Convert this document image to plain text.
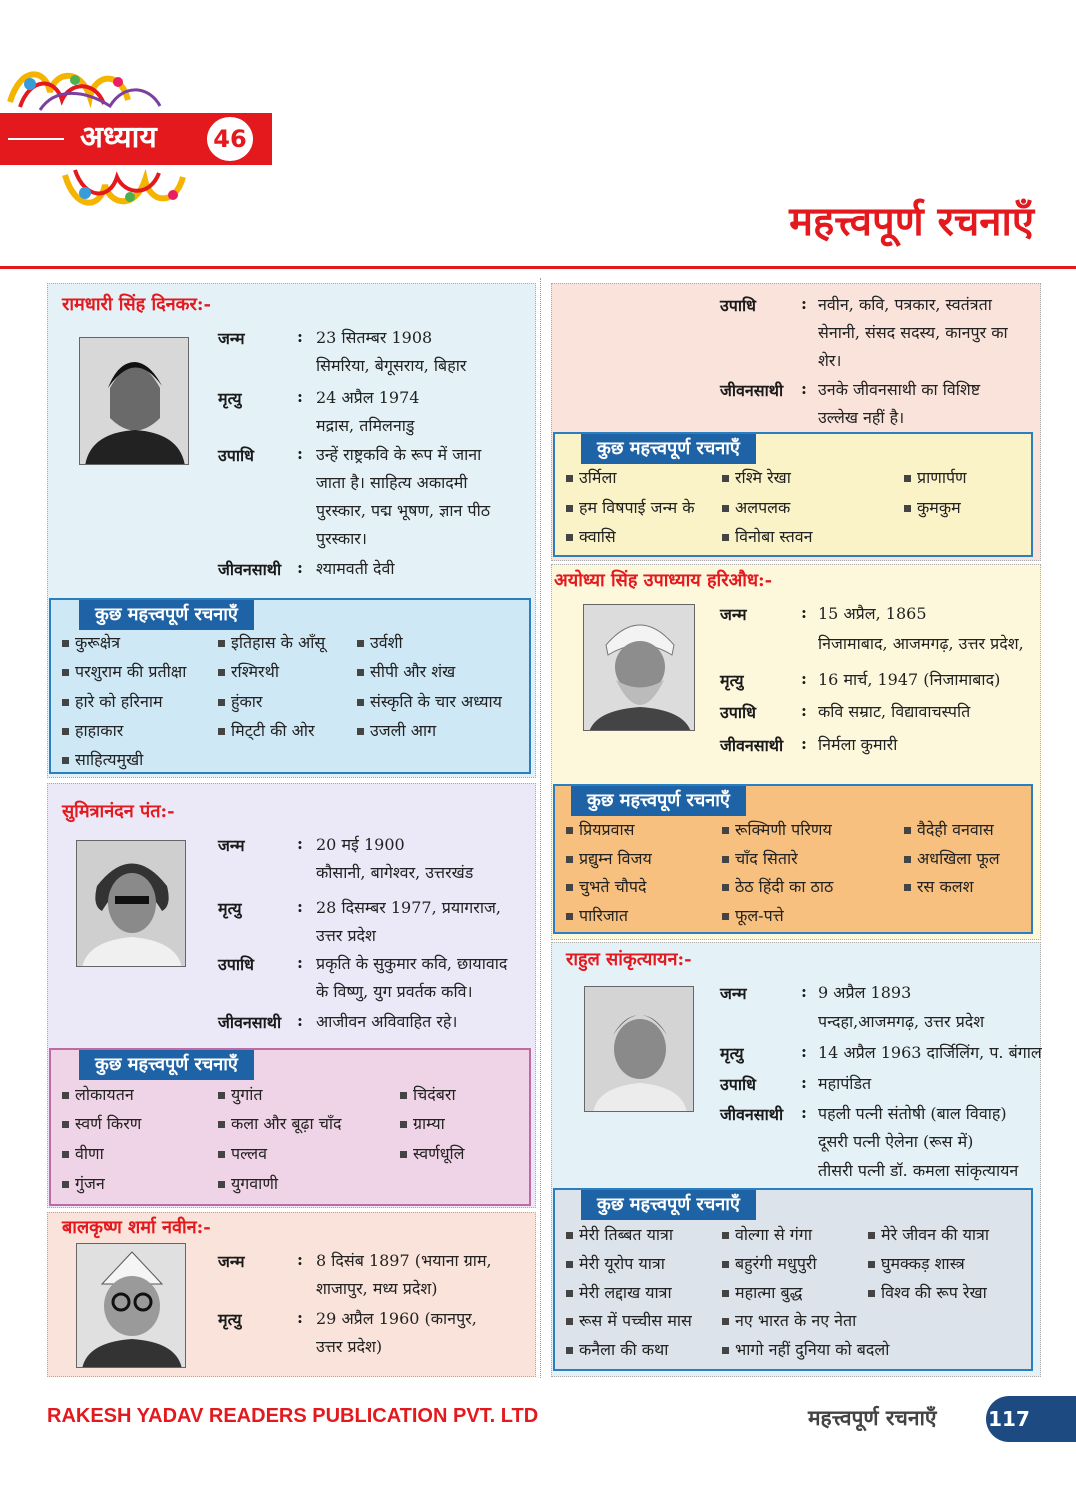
अध्याय 46
महत्त्वपूर्ण रचनाएँ
रामधारी सिंह दिनकर:-
जन्म	: 23 सितम्बर 1908
सिमरिया, बेगूसराय, बिहार
मृत्यु	: 24 अप्रैल 1974
मद्रास, तमिलनाडु
उपाधि	: उन्हें राष्ट्रकवि के रूप में जाना
जाता है। साहित्य अकादमी
पुरस्कार, पद्म भूषण, ज्ञान पीठ
पुरस्कार।
जीवनसाथी : श्यामवती देवी
कुछ महत्त्वपूर्ण रचनाएँ
कुरूक्षेत्र	इतिहास के आँसू	उर्वशी
परशुराम की प्रतीक्षा	रश्मिरथी	सीपी और शंख
हारे को हरिनाम	हुंकार	संस्कृति के चार अध्याय
हाहाकार	मिट्‌टी की ओर	उजली आग
साहित्यमुखी
सुमित्रानंदन पंत:-
जन्म	: 20 मई 1900
कौसानी, बागेश्वर, उत्तरखंड
मृत्यु	: 28 दिसम्बर 1977, प्रयागराज,
उत्तर प्रदेश
उपाधि	: प्रकृति के सुकुमार कवि, छायावाद
के विष्णु, युग प्रवर्तक कवि।
जीवनसाथी : आजीवन अविवाहित रहे।
कुछ महत्त्वपूर्ण रचनाएँ
लोकायतन	युगांत	चिदंबरा
स्वर्ण किरण	कला और बूढ़ा चाँद	ग्राम्या
वीणा	पल्लव	स्वर्णधूलि
गुंजन	युगवाणी
बालकृष्ण शर्मा नवीन:-
जन्म	: 8 दिसंब 1897 (भयाना ग्राम,
शाजापुर, मध्य प्रदेश)
मृत्यु	: 29 अप्रैल 1960 (कानपुर,
उत्तर प्रदेश)
उपाधि	: नवीन, कवि, पत्रकार, स्वतंत्रता
सेनानी, संसद सदस्य, कानपुर का
शेर।
जीवनसाथी : उनके जीवनसाथी का विशिष्ट
उल्लेख नहीं है।
कुछ महत्त्वपूर्ण रचनाएँ
उर्मिला	रश्मि रेखा	प्राणार्पण
हम विषपाई जन्म के	अलपलक	कुमकुम
क्वासि	विनोबा स्तवन
अयोध्या सिंह उपाध्याय हरिऔध:-
जन्म	: 15 अप्रैल, 1865
निजामाबाद, आजमगढ़, उत्तर प्रदेश,
मृत्यु	: 16 मार्च, 1947 (निजामाबाद)
उपाधि	: कवि सम्राट, विद्यावाचस्पति
जीवनसाथी : निर्मला कुमारी
कुछ महत्त्वपूर्ण रचनाएँ
प्रियप्रवास	रूक्मिणी परिणय	वैदेही वनवास
प्रद्युम्न विजय	चाँद सितारे	अधखिला फूल
चुभते चौपदे	ठेठ हिंदी का ठाठ	रस कलश
पारिजात	फूल-पत्ते
राहुल सांकृत्यायन:-
जन्म	: 9 अप्रैल 1893
पन्दहा,आजमगढ़, उत्तर प्रदेश
मृत्यु	: 14 अप्रैल 1963 दार्जिलिंग, प. बंगाल
उपाधि	: महापंडित
जीवनसाथी : पहली पत्नी संतोषी (बाल विवाह)
दूसरी पत्नी ऐलेना (रूस में)
तीसरी पत्नी डॉ. कमला सांकृत्यायन
कुछ महत्त्वपूर्ण रचनाएँ
मेरी तिब्बत यात्रा	वोल्गा से गंगा	मेरे जीवन की यात्रा
मेरी यूरोप यात्रा	बहुरंगी मधुपुरी	घुमक्कड़ शास्त्र
मेरी लद्दाख यात्रा	महात्मा बुद्ध	विश्व की रूप रेखा
रूस में पच्चीस मास	नए भारत के नए नेता
कनैला की कथा	भागो नहीं दुनिया को बदलो
RAKESH YADAV READERS PUBLICATION PVT. LTD	महत्त्वपूर्ण रचनाएँ	117
